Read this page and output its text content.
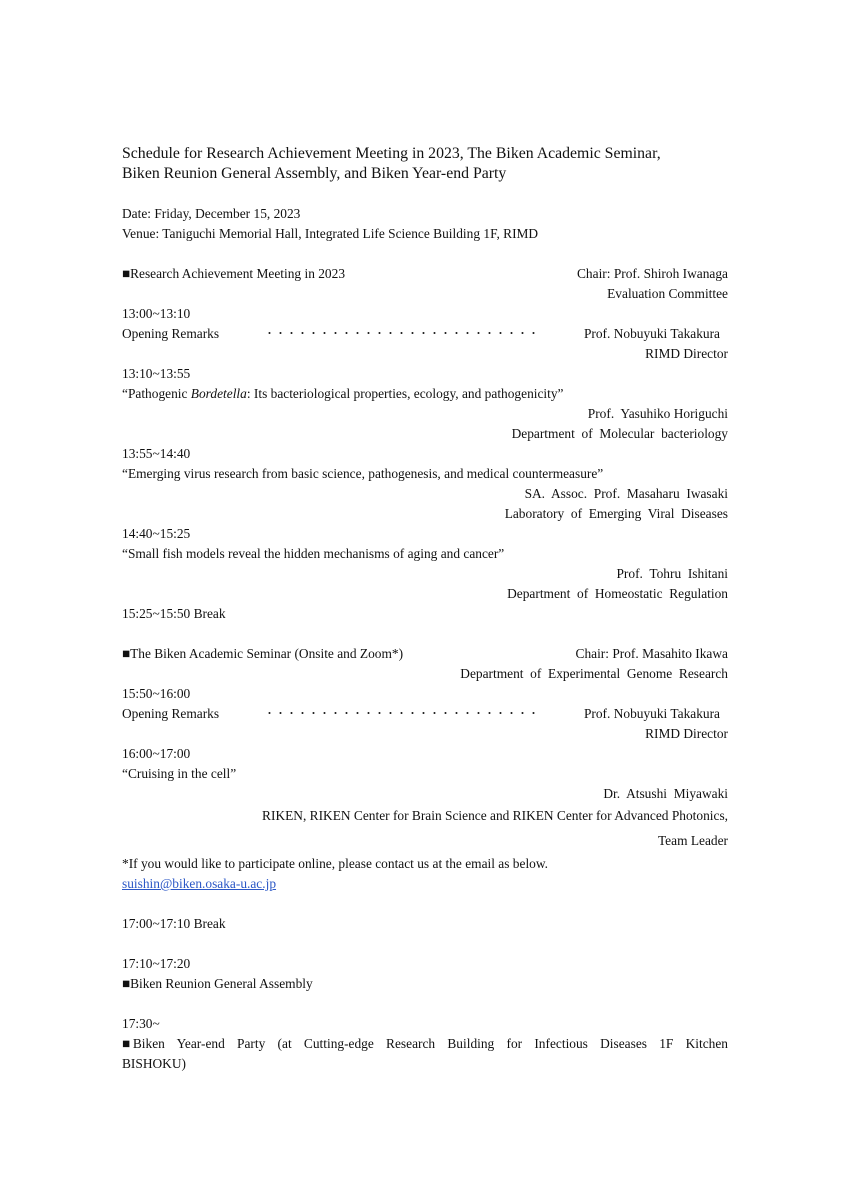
Schedule for Research Achievement Meeting in 2023, The Biken Academic Seminar,
Biken Reunion General Assembly, and Biken Year-end Party
Date: Friday, December 15, 2023
Venue: Taniguchi Memorial Hall, Integrated Life Science Building 1F, RIMD
■Research Achievement Meeting in 2023	Chair: Prof. Shiroh Iwanaga
Evaluation Committee
13:00~13:10
Opening Remarks	・・・・・・・・・・・・・・・・・・・・・・・・・	Prof. Nobuyuki Takakura
RIMD Director
13:10~13:55
“Pathogenic Bordetella: Its bacteriological properties, ecology, and pathogenicity”
Prof.  Yasuhiko Horiguchi
Department  of  Molecular  bacteriology
13:55~14:40
“Emerging virus research from basic science, pathogenesis, and medical countermeasure”
SA.  Assoc.  Prof.  Masaharu  Iwasaki
Laboratory  of  Emerging  Viral  Diseases
14:40~15:25
“Small fish models reveal the hidden mechanisms of aging and cancer”
Prof.  Tohru  Ishitani
Department  of  Homeostatic  Regulation
15:25~15:50 Break
■The Biken Academic Seminar (Onsite and Zoom*)	Chair: Prof. Masahito Ikawa
Department  of  Experimental  Genome  Research
15:50~16:00
Opening Remarks	・・・・・・・・・・・・・・・・・・・・・・・・・	Prof. Nobuyuki Takakura
RIMD Director
16:00~17:00
“Cruising in the cell”
Dr.  Atsushi  Miyawaki
RIKEN, RIKEN Center for Brain Science and RIKEN Center for Advanced Photonics,
Team Leader
*If you would like to participate online, please contact us at the email as below.
suishin@biken.osaka-u.ac.jp
17:00~17:10 Break
17:10~17:20
■Biken Reunion General Assembly
17:30~
■Biken  Year-end  Party  (at  Cutting-edge  Research  Building  for  Infectious  Diseases  1F  Kitchen
BISHOKU)
